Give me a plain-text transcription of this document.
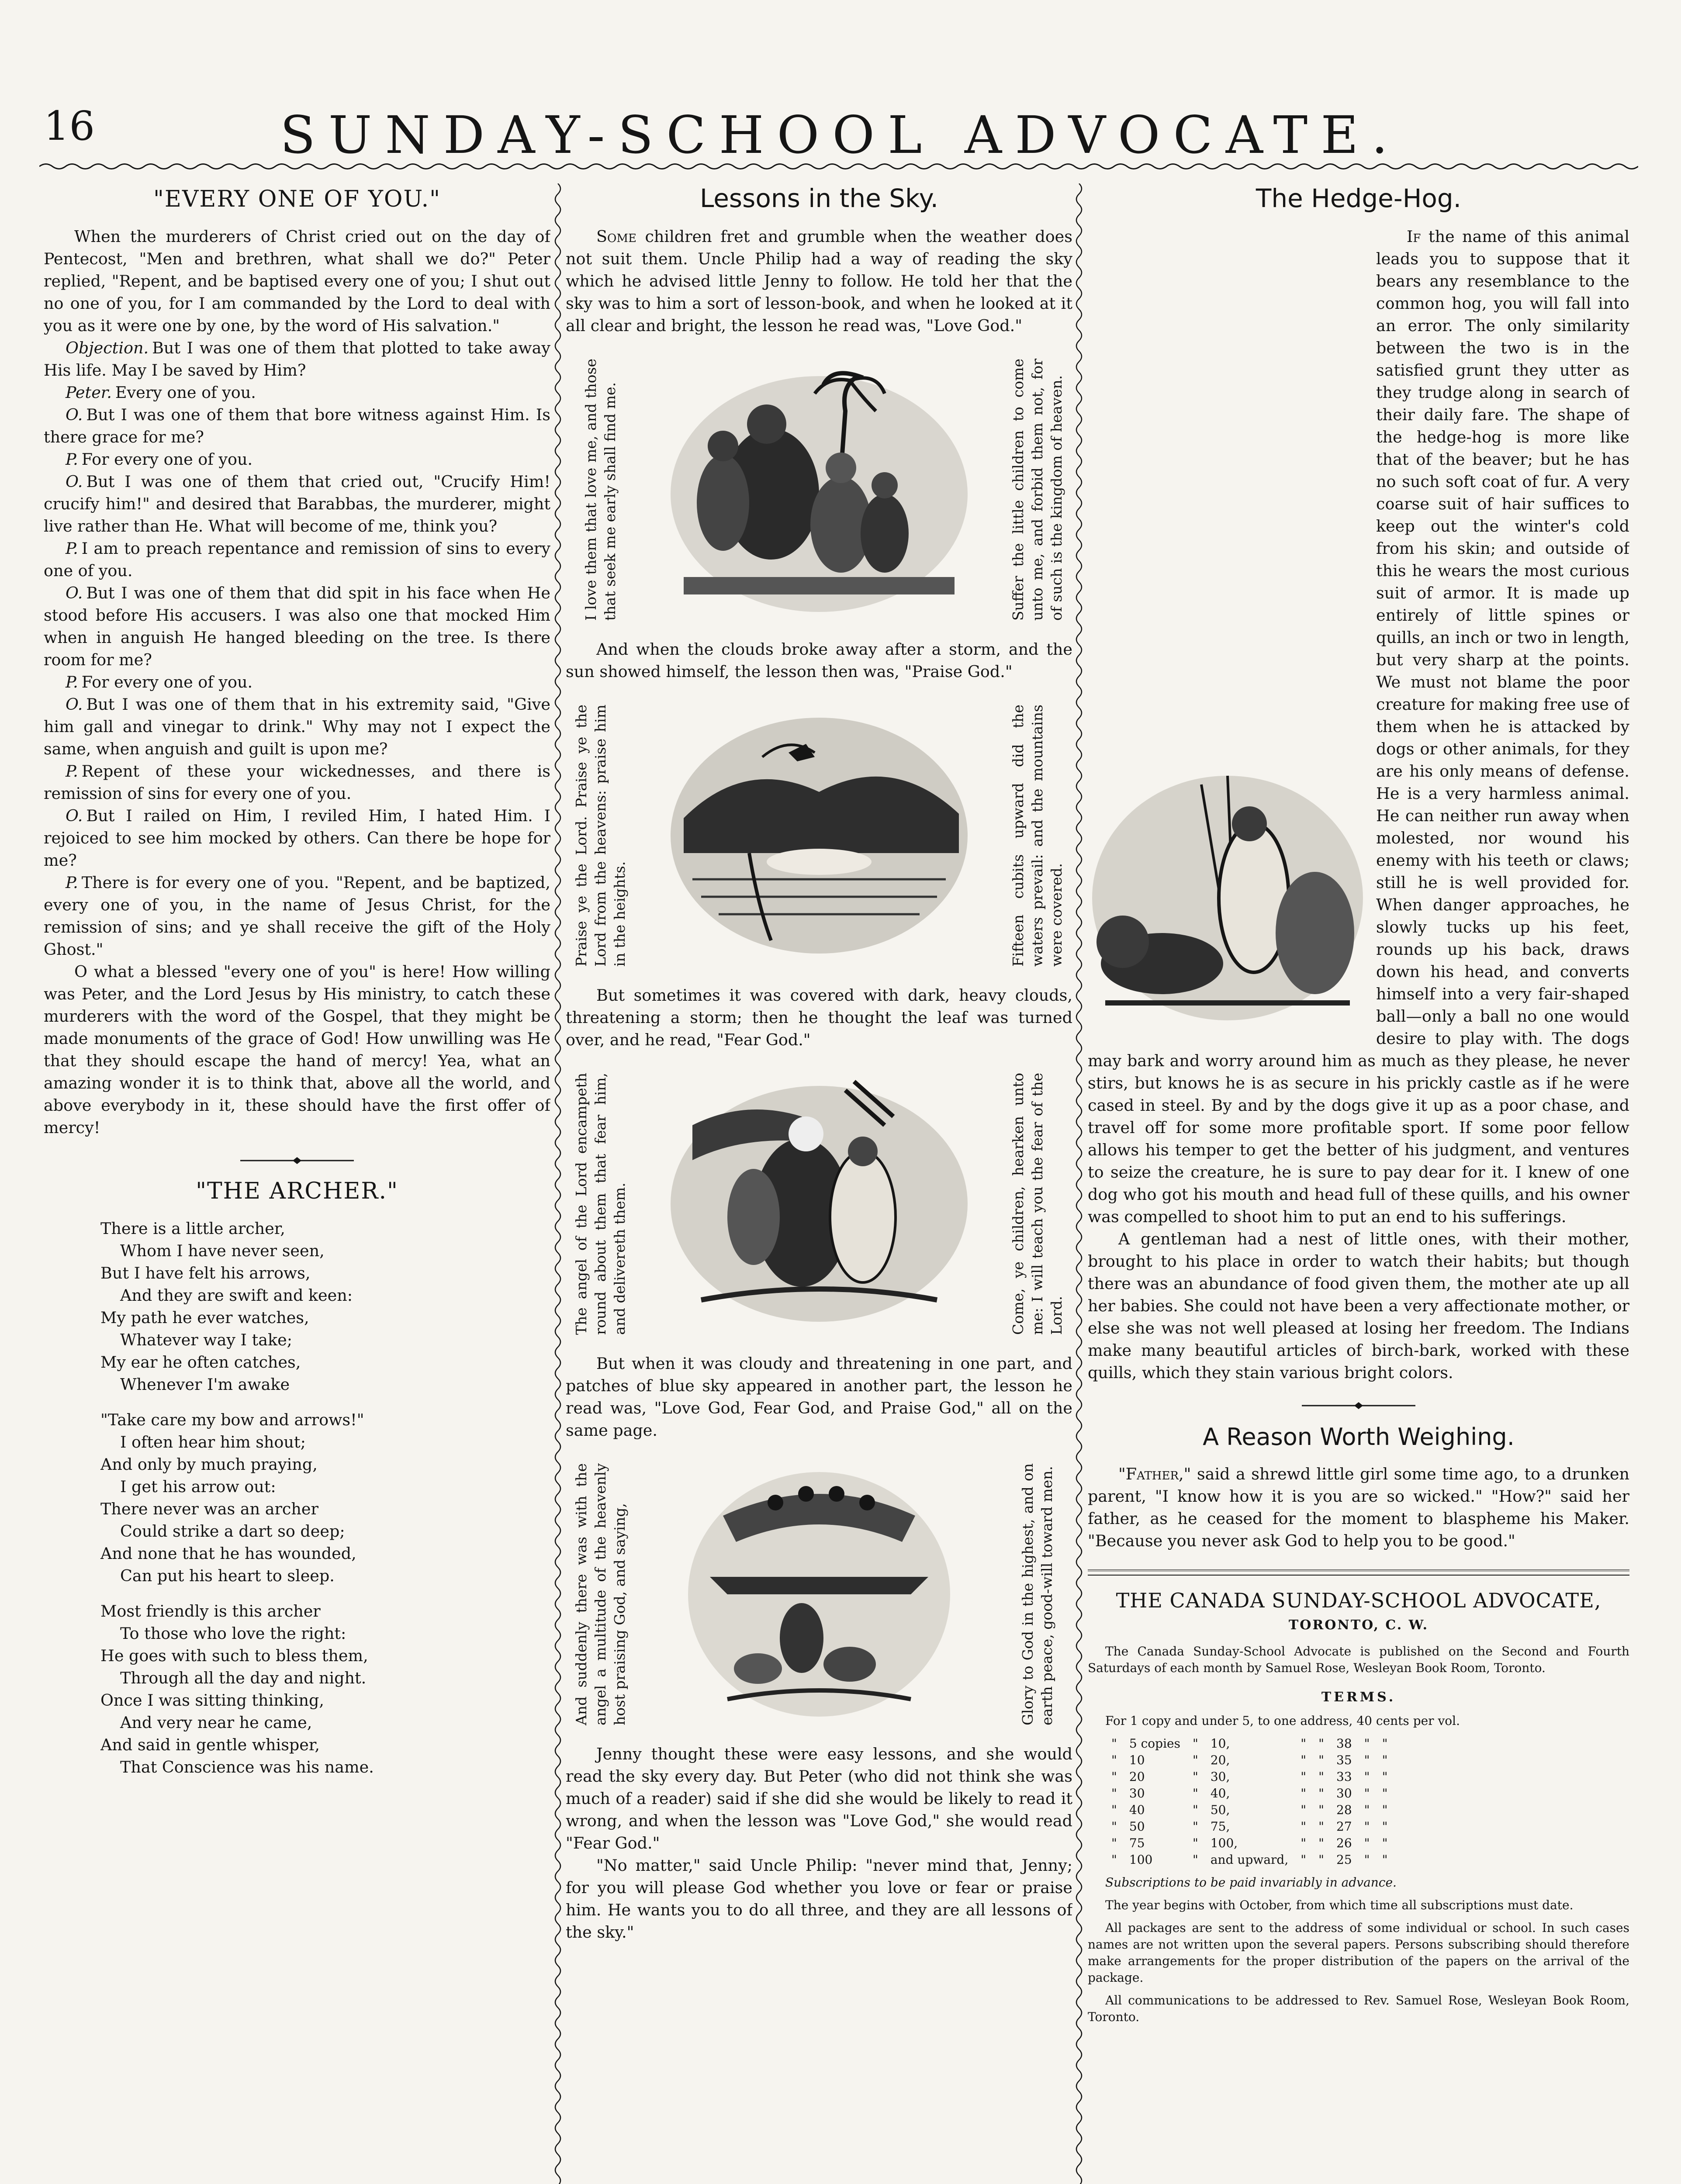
16	SUNDAY-SCHOOL ADVOCATE.
"EVERY ONE OF YOU."

When the murderers of Christ cried out on the day of Pentecost, "Men and brethren, what shall we do?" Peter replied, "Repent, and be baptised every one of you; I shut out no one of you, for I am commanded by the Lord to deal with you as it were one by one, by the word of His salvation."

Objection. But I was one of them that plotted to take away His life. May I be saved by Him?

Peter. Every one of you.

O. But I was one of them that bore witness against Him. Is there grace for me?

P. For every one of you.

O. But I was one of them that cried out, "Crucify Him! crucify him!" and desired that Barabbas, the murderer, might live rather than He. What will become of me, think you?

P. I am to preach repentance and remission of sins to every one of you.

O. But I was one of them that did spit in his face when He stood before His accusers. I was also one that mocked Him when in anguish He hanged bleeding on the tree. Is there room for me?

P. For every one of you.

O. But I was one of them that in his extremity said, "Give him gall and vinegar to drink." Why may not I expect the same, when anguish and guilt is upon me?

P. Repent of these your wickednesses, and there is remission of sins for every one of you.

O. But I railed on Him, I reviled Him, I hated Him. I rejoiced to see him mocked by others. Can there be hope for me?

P. There is for every one of you. "Repent, and be baptized, every one of you, in the name of Jesus Christ, for the remission of sins; and ye shall receive the gift of the Holy Ghost."

O what a blessed "every one of you" is here! How willing was Peter, and the Lord Jesus by His ministry, to catch these murderers with the word of the Gospel, that they might be made monuments of the grace of God! How unwilling was He that they should escape the hand of mercy! Yea, what an amazing wonder it is to think that, above all the world, and above everybody in it, these should have the first offer of mercy!

"THE ARCHER."
There is a little archer,
Whom I have never seen,
But I have felt his arrows,
And they are swift and keen:
My path he ever watches,
Whatever way I take;
My ear he often catches,
Whenever I'm awake
"Take care my bow and arrows!"
I often hear him shout;
And only by much praying,
I get his arrow out:
There never was an archer
Could strike a dart so deep;
And none that he has wounded,
Can put his heart to sleep.
Most friendly is this archer
To those who love the right:
He goes with such to bless them,
Through all the day and night.
Once I was sitting thinking,
And very near he came,
And said in gentle whisper,
That Conscience was his name.
Lessons in the Sky.

Some children fret and grumble when the weather does not suit them. Uncle Philip had a way of reading the sky which he advised little Jenny to follow. He told her that the sky was to him a sort of lesson-book, and when he looked at it all clear and bright, the lesson he read was, "Love God."

I love them that love me, and those that seek me early shall find me.	Suffer the little children to come unto me, and forbid them not, for of such is the kingdom of heaven.

And when the clouds broke away after a storm, and the sun showed himself, the lesson then was, "Praise God."

Praise ye the Lord. Praise ye the Lord from the heavens: praise him in the heights.	Fifteen cubits upward did the waters prevail: and the mountains were covered.

But sometimes it was covered with dark, heavy clouds, threatening a storm; then he thought the leaf was turned over, and he read, "Fear God."

The angel of the Lord encampeth round about them that fear him, and delivereth them.	Come, ye children, hearken unto me: I will teach you the fear of the Lord.

But when it was cloudy and threatening in one part, and patches of blue sky appeared in another part, the lesson he read was, "Love God, Fear God, and Praise God," all on the same page.

And suddenly there was with the angel a multitude of the heavenly host praising God, and saying,	Glory to God in the highest, and on earth peace, good-will toward men.

Jenny thought these were easy lessons, and she would read the sky every day. But Peter (who did not think she was much of a reader) said if she did she would be likely to read it wrong, and when the lesson was "Love God," she would read "Fear God."

"No matter," said Uncle Philip: "never mind that, Jenny; for you will please God whether you love or fear or praise him. He wants you to do all three, and they are all lessons of the sky."

The Hedge-Hog.

If the name of this animal leads you to suppose that it bears any resemblance to the common hog, you will fall into an error. The only similarity between the two is in the satisfied grunt they utter as they trudge along in search of their daily fare. The shape of the hedge-hog is more like that of the beaver; but he has no such soft coat of fur. A very coarse suit of hair suffices to keep out the winter's cold from his skin; and outside of this he wears the most curious suit of armor. It is made up entirely of little spines or quills, an inch or two in length, but very sharp at the points. We must not blame the poor creature for making free use of them when he is attacked by dogs or other animals, for they are his only means of defense. He is a very harmless animal. He can neither run away when molested, nor wound his enemy with his teeth or claws; still he is well provided for. When danger approaches, he slowly tucks up his feet, rounds up his back, draws down his head, and converts himself into a very fair-shaped ball—only a ball no one would desire to play with. The dogs may bark and worry around him as much as they please, he never stirs, but knows he is as secure in his prickly castle as if he were cased in steel. By and by the dogs give it up as a poor chase, and travel off for some more profitable sport. If some poor fellow allows his temper to get the better of his judgment, and ventures to seize the creature, he is sure to pay dear for it. I knew of one dog who got his mouth and head full of these quills, and his owner was compelled to shoot him to put an end to his sufferings.

A gentleman had a nest of little ones, with their mother, brought to his place in order to watch their habits; but though there was an abundance of food given them, the mother ate up all her babies. She could not have been a very affectionate mother, or else she was not well pleased at losing her freedom. The Indians make many beautiful articles of birch-bark, worked with these quills, which they stain various bright colors.

A Reason Worth Weighing.

"Father," said a shrewd little girl some time ago, to a drunken parent, "I know how it is you are so wicked." "How?" said her father, as he ceased for the moment to blaspheme his Maker. "Because you never ask God to help you to be good."

THE CANADA SUNDAY-SCHOOL ADVOCATE,
TORONTO, C. W.

The Canada Sunday-School Advocate is published on the Second and Fourth Saturdays of each month by Samuel Rose, Wesleyan Book Room, Toronto.

TERMS.

For 1 copy and under 5, to one address, 40 cents per vol.

"	5 copies	"	10,	"	"	38	"	"
"	10	"	20,	"	"	35	"	"
"	20	"	30,	"	"	33	"	"
"	30	"	40,	"	"	30	"	"
"	40	"	50,	"	"	28	"	"
"	50	"	75,	"	"	27	"	"
"	75	"	100,	"	"	26	"	"
"	100	"	and upward,	"	"	25	"	"

Subscriptions to be paid invariably in advance.

The year begins with October, from which time all subscriptions must date.

All packages are sent to the address of some individual or school. In such cases names are not written upon the several papers. Persons subscribing should therefore make arrangements for the proper distribution of the papers on the arrival of the package.

All communications to be addressed to Rev. Samuel Rose, Wesleyan Book Room, Toronto.
